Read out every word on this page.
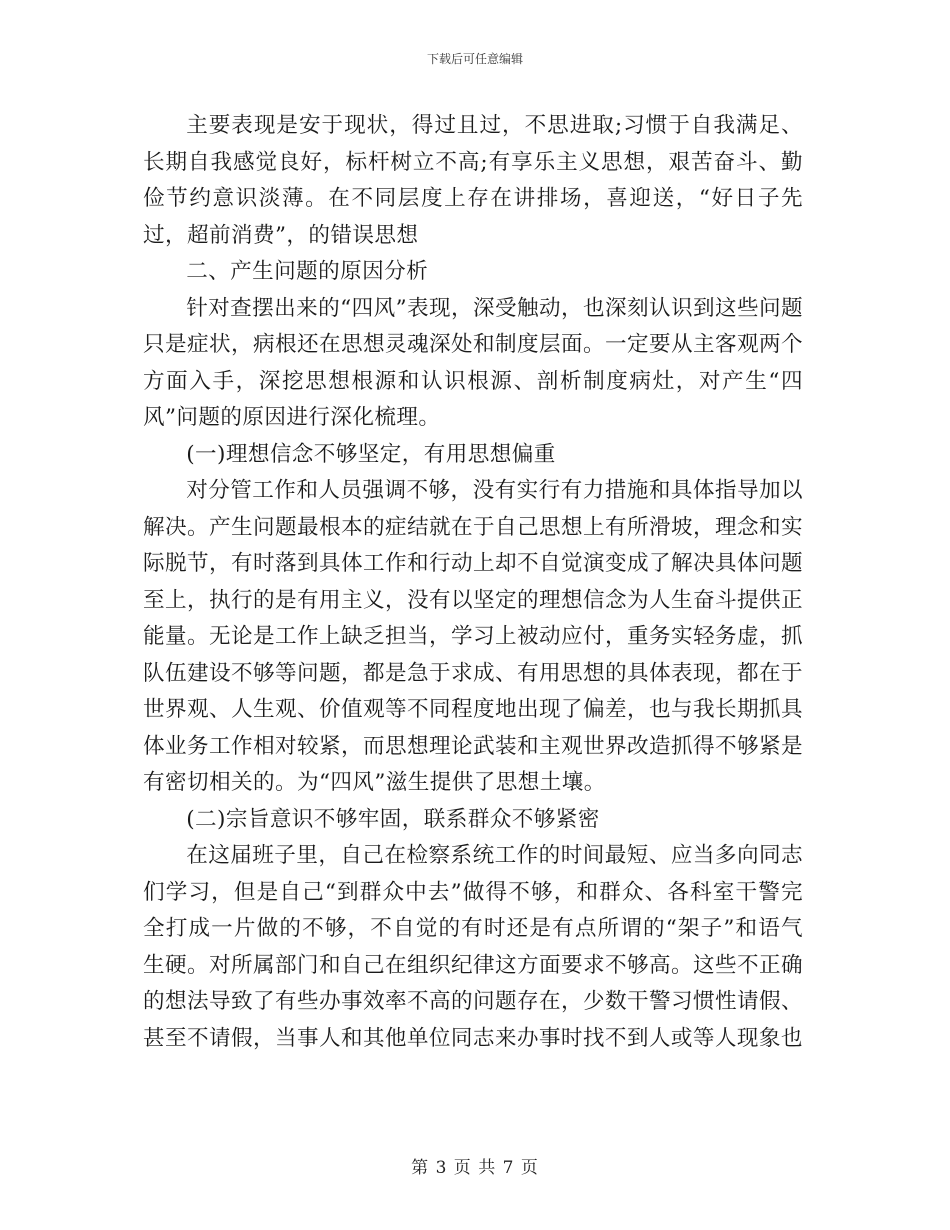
下载后可任意编辑

主要表现是安于现状，得过且过，不思进取;习惯于自我满足、长期自我感觉良好，标杆树立不高;有享乐主义思想，艰苦奋斗、勤俭节约意识淡薄。在不同层度上存在讲排场，喜迎送，“好日子先过，超前消费”，的错误思想

二、产生问题的原因分析

针对查摆出来的“四风”表现，深受触动，也深刻认识到这些问题只是症状，病根还在思想灵魂深处和制度层面。一定要从主客观两个方面入手，深挖思想根源和认识根源、剖析制度病灶，对产生“四风”问题的原因进行深化梳理。

(一)理想信念不够坚定，有用思想偏重

对分管工作和人员强调不够，没有实行有力措施和具体指导加以解决。产生问题最根本的症结就在于自己思想上有所滑坡，理念和实际脱节，有时落到具体工作和行动上却不自觉演变成了解决具体问题至上，执行的是有用主义，没有以坚定的理想信念为人生奋斗提供正能量。无论是工作上缺乏担当，学习上被动应付，重务实轻务虚，抓队伍建设不够等问题，都是急于求成、有用思想的具体表现，都在于世界观、人生观、价值观等不同程度地出现了偏差，也与我长期抓具体业务工作相对较紧，而思想理论武装和主观世界改造抓得不够紧是有密切相关的。为“四风”滋生提供了思想土壤。

(二)宗旨意识不够牢固，联系群众不够紧密

在这届班子里，自己在检察系统工作的时间最短、应当多向同志们学习，但是自己“到群众中去”做得不够，和群众、各科室干警完全打成一片做的不够，不自觉的有时还是有点所谓的“架子”和语气生硬。对所属部门和自己在组织纪律这方面要求不够高。这些不正确的想法导致了有些办事效率不高的问题存在，少数干警习惯性请假、甚至不请假，当事人和其他单位同志来办事时找不到人或等人现象也

第 3 页 共 7 页
